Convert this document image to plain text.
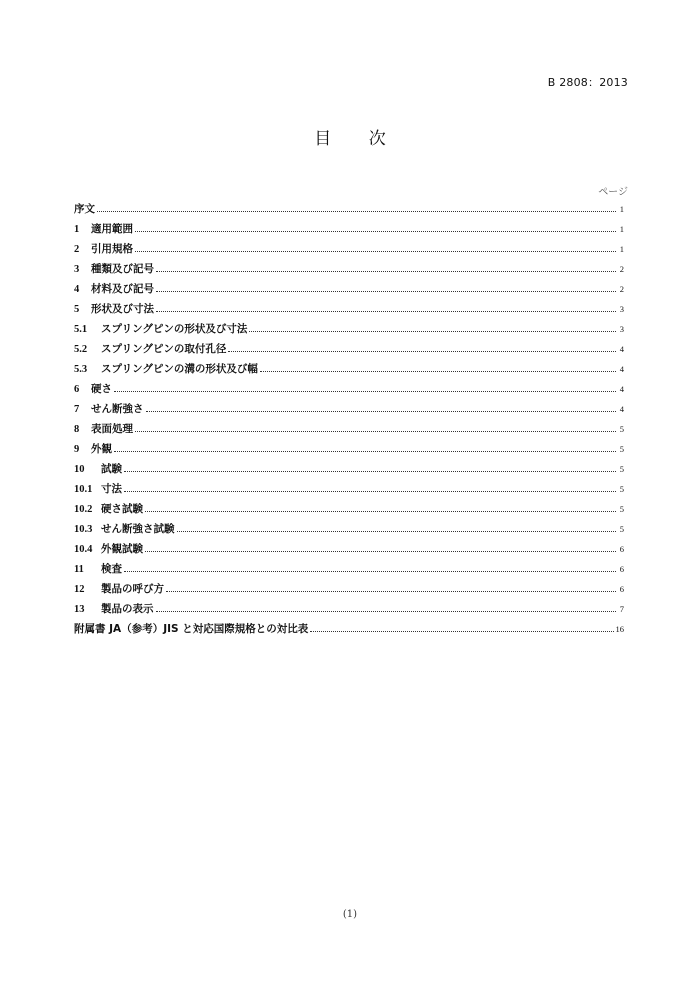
B 2808：2013
目 次
ページ
序文	1
1	適用範囲	1
2	引用規格	1
3	種類及び記号	2
4	材料及び記号	2
5	形状及び寸法	3
5.1	スプリングピンの形状及び寸法	3
5.2	スプリングピンの取付孔径	4
5.3	スプリングピンの溝の形状及び幅	4
6	硬さ	4
7	せん断強さ	4
8	表面処理	5
9	外観	5
10	試験	5
10.1 寸法	5
10.2 硬さ試験	5
10.3 せん断強さ試験	5
10.4 外観試験	6
11	検査	6
12	製品の呼び方	6
13	製品の表示	7
附属書 JA（参考）JIS と対応国際規格との対比表	16
(1)
